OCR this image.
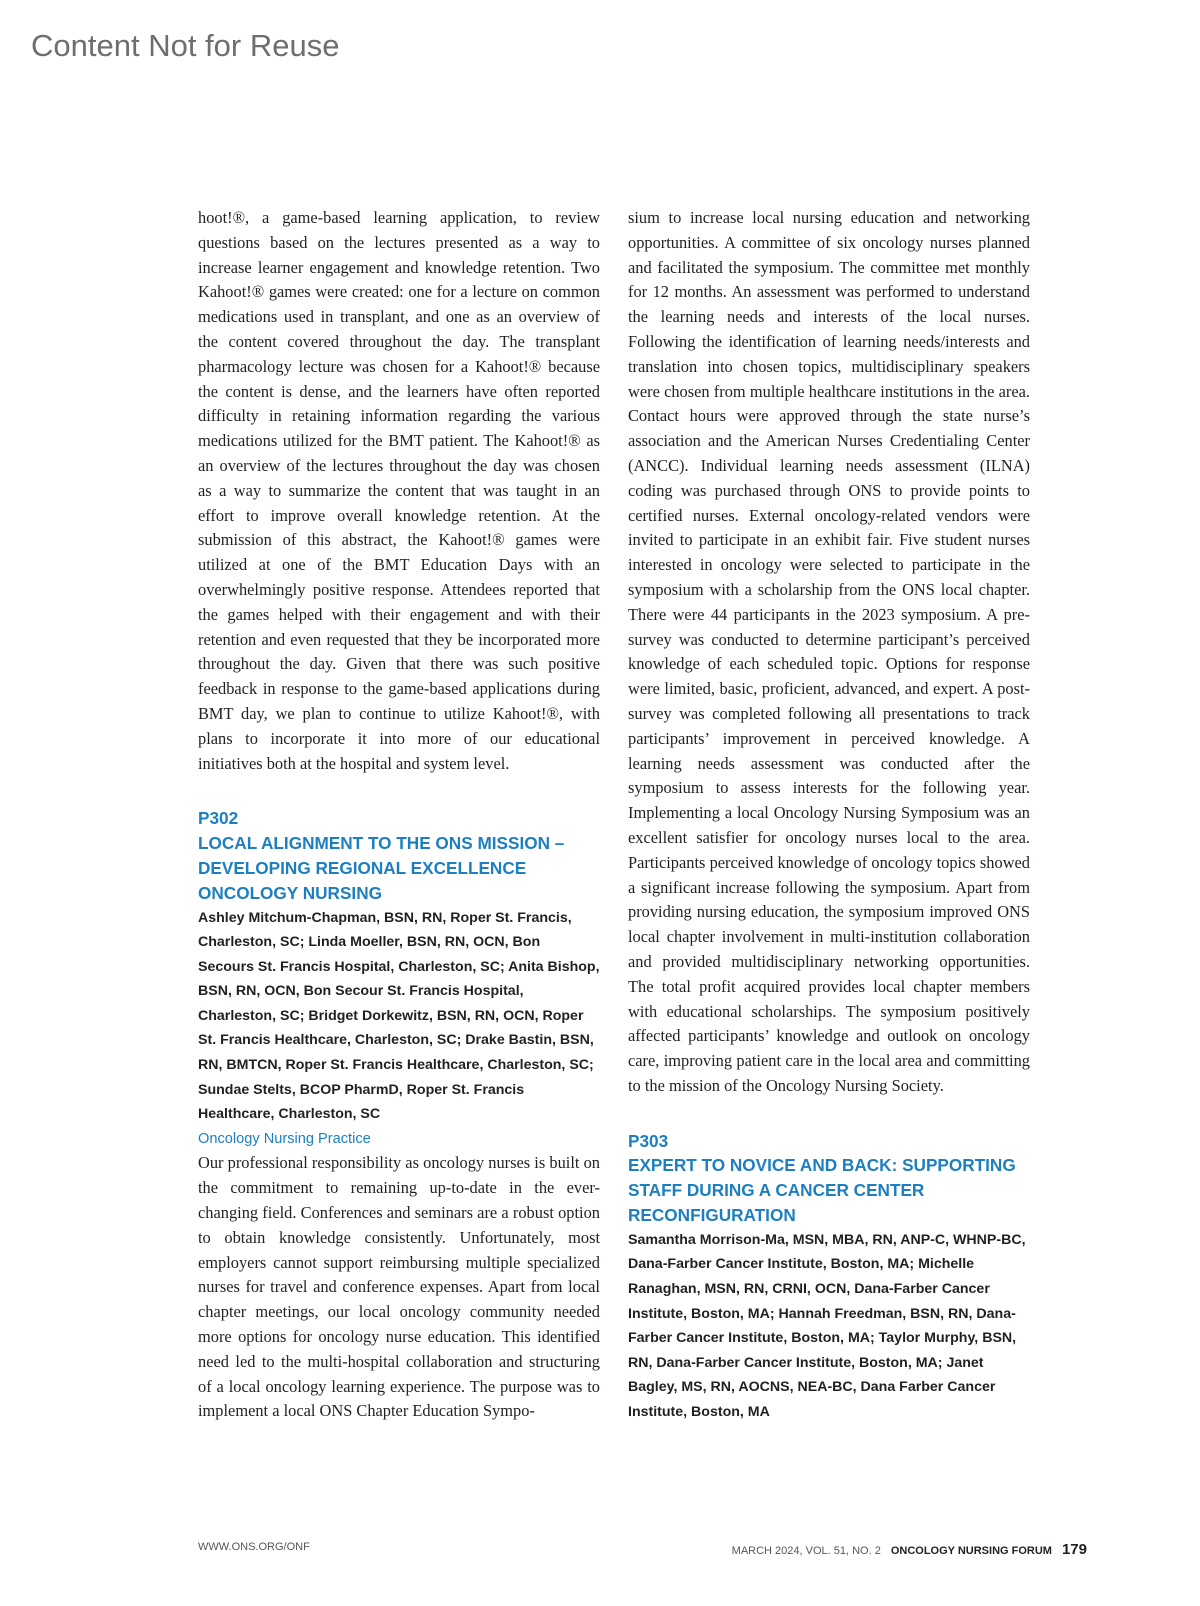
Content Not for Reuse

hoot!®, a game-based learning application, to review questions based on the lectures presented as a way to increase learner engagement and knowledge retention. Two Kahoot!® games were created: one for a lecture on common medications used in transplant, and one as an overview of the content covered throughout the day. The transplant pharmacology lecture was chosen for a Kahoot!® because the content is dense, and the learners have often reported difficulty in retaining information regarding the various medications utilized for the BMT patient. The Kahoot!® as an overview of the lectures throughout the day was chosen as a way to summarize the content that was taught in an effort to improve overall knowledge retention. At the submission of this abstract, the Kahoot!® games were utilized at one of the BMT Education Days with an overwhelmingly positive response. Attendees reported that the games helped with their engagement and with their retention and even requested that they be incorporated more throughout the day. Given that there was such positive feedback in response to the game-based applications during BMT day, we plan to continue to utilize Kahoot!®, with plans to incorporate it into more of our educational initiatives both at the hospital and system level.

P302

LOCAL ALIGNMENT TO THE ONS MISSION – DEVELOPING REGIONAL EXCELLENCE ONCOLOGY NURSING

Ashley Mitchum-Chapman, BSN, RN, Roper St. Francis, Charleston, SC; Linda Moeller, BSN, RN, OCN, Bon Secours St. Francis Hospital, Charleston, SC; Anita Bishop, BSN, RN, OCN, Bon Secour St. Francis Hospital, Charleston, SC; Bridget Dorkewitz, BSN, RN, OCN, Roper St. Francis Healthcare, Charleston, SC; Drake Bastin, BSN, RN, BMTCN, Roper St. Francis Healthcare, Charleston, SC; Sundae Stelts, BCOP PharmD, Roper St. Francis Healthcare, Charleston, SC

Oncology Nursing Practice

Our professional responsibility as oncology nurses is built on the commitment to remaining up-to-date in the ever-changing field. Conferences and seminars are a robust option to obtain knowledge consistently. Unfortunately, most employers cannot support reimbursing multiple specialized nurses for travel and conference expenses. Apart from local chapter meetings, our local oncology community needed more options for oncology nurse education. This identified need led to the multi-hospital collaboration and structuring of a local oncology learning experience. The purpose was to implement a local ONS Chapter Education Sympo-

sium to increase local nursing education and networking opportunities. A committee of six oncology nurses planned and facilitated the symposium. The committee met monthly for 12 months. An assessment was performed to understand the learning needs and interests of the local nurses. Following the identification of learning needs/interests and translation into chosen topics, multidisciplinary speakers were chosen from multiple healthcare institutions in the area. Contact hours were approved through the state nurse’s association and the American Nurses Credentialing Center (ANCC). Individual learning needs assessment (ILNA) coding was purchased through ONS to provide points to certified nurses. External oncology-related vendors were invited to participate in an exhibit fair. Five student nurses interested in oncology were selected to participate in the symposium with a scholarship from the ONS local chapter. There were 44 participants in the 2023 symposium. A pre-survey was conducted to determine participant’s perceived knowledge of each scheduled topic. Options for response were limited, basic, proficient, advanced, and expert. A post-survey was completed following all presentations to track participants’ improvement in perceived knowledge. A learning needs assessment was conducted after the symposium to assess interests for the following year. Implementing a local Oncology Nursing Symposium was an excellent satisfier for oncology nurses local to the area. Participants perceived knowledge of oncology topics showed a significant increase following the symposium. Apart from providing nursing education, the symposium improved ONS local chapter involvement in multi-institution collaboration and provided multidisciplinary networking opportunities. The total profit acquired provides local chapter members with educational scholarships. The symposium positively affected participants’ knowledge and outlook on oncology care, improving patient care in the local area and committing to the mission of the Oncology Nursing Society.

P303

EXPERT TO NOVICE AND BACK: SUPPORTING STAFF DURING A CANCER CENTER RECONFIGURATION

Samantha Morrison-Ma, MSN, MBA, RN, ANP-C, WHNP-BC, Dana-Farber Cancer Institute, Boston, MA; Michelle Ranaghan, MSN, RN, CRNI, OCN, Dana-Farber Cancer Institute, Boston, MA; Hannah Freedman, BSN, RN, Dana-Farber Cancer Institute, Boston, MA; Taylor Murphy, BSN, RN, Dana-Farber Cancer Institute, Boston, MA; Janet Bagley, MS, RN, AOCNS, NEA-BC, Dana Farber Cancer Institute, Boston, MA

WWW.ONS.ORG/ONF	MARCH 2024, VOL. 51, NO. 2 ONCOLOGY NURSING FORUM 179
